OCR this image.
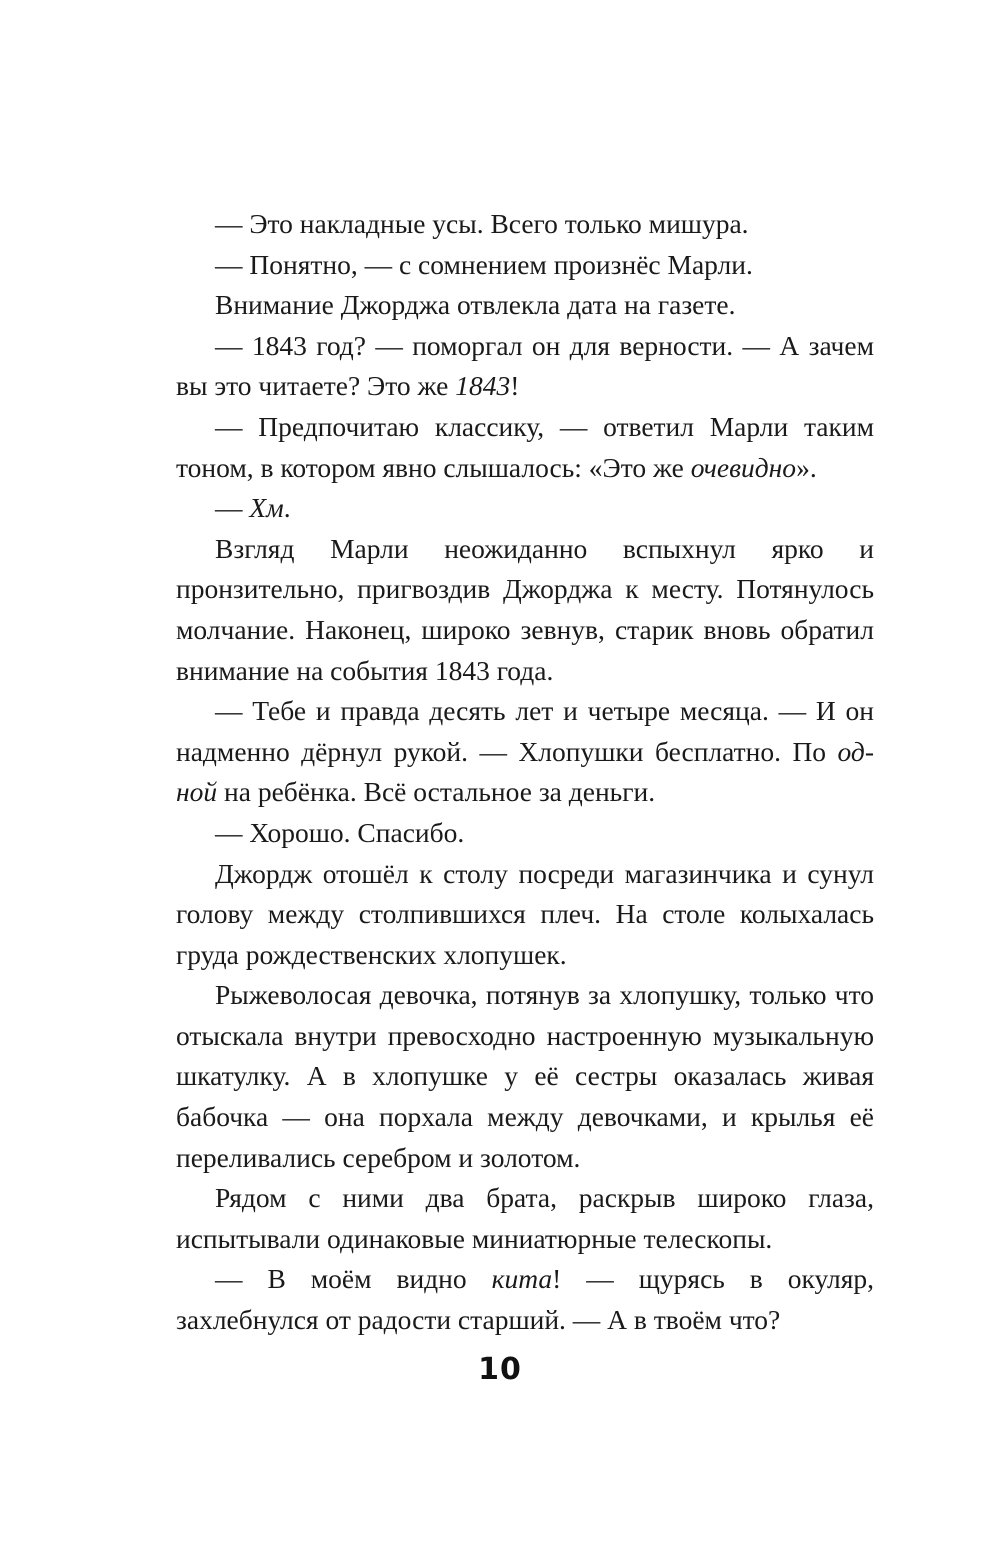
— Это накладные усы. Всего только мишура.

— Понятно, — с сомнением произнёс Марли.

Внимание Джорджа отвлекла дата на газете.

— 1843 год? — поморгал он для верности. — А зачем вы это читаете? Это же 1843!

— Предпочитаю классику, — ответил Марли таким тоном, в котором явно слышалось: «Это же очевидно».

— Хм.

Взгляд Марли неожиданно вспыхнул ярко и пронзительно, пригвоздив Джорджа к месту. Потянулось молчание. Наконец, широко зевнув, старик вновь обратил внимание на события 1843 года.

— Тебе и правда десять лет и четыре месяца. — И он надменно дёрнул рукой. — Хлопушки бесплатно. По од-ной на ребёнка. Всё остальное за деньги.

— Хорошо. Спасибо.

Джордж отошёл к столу посреди магазинчика и сунул голову между столпившихся плеч. На столе колыхалась груда рождественских хлопушек.

Рыжеволосая девочка, потянув за хлопушку, только что отыскала внутри превосходно настроенную музыкальную шкатулку. А в хлопушке у её сестры оказалась живая бабочка — она порхала между девочками, и крылья её переливались серебром и золотом.

Рядом с ними два брата, раскрыв широко глаза, испытывали одинаковые миниатюрные телескопы.

— В моём видно кита! — щурясь в окуляр, захлебнулся от радости старший. — А в твоём что?

10
